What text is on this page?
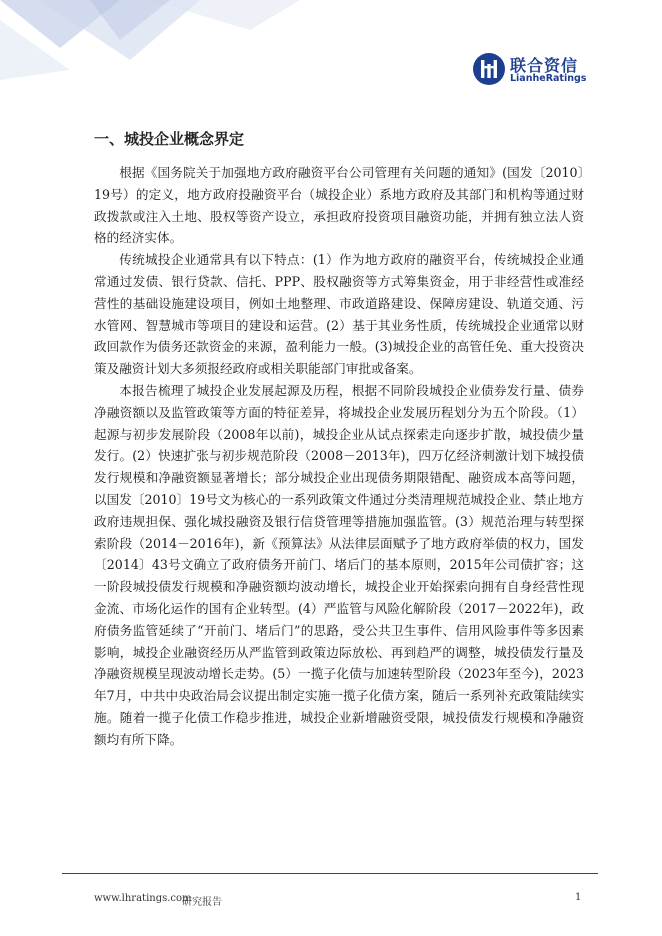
联合资信
LianheRatings
一、城投企业概念界定

根据《国务院关于加强地方政府融资平台公司管理有关问题的通知》(国发〔2010〕19号）的定义，地方政府投融资平台（城投企业）系地方政府及其部门和机构等通过财政拨款或注入土地、股权等资产设立，承担政府投资项目融资功能，并拥有独立法人资格的经济实体。

传统城投企业通常具有以下特点：(1）作为地方政府的融资平台，传统城投企业通常通过发债、银行贷款、信托、PPP、股权融资等方式筹集资金，用于非经营性或准经营性的基础设施建设项目，例如土地整理、市政道路建设、保障房建设、轨道交通、污水管网、智慧城市等项目的建设和运营。(2）基于其业务性质，传统城投企业通常以财政回款作为债务还款资金的来源，盈利能力一般。(3)城投企业的高管任免、重大投资决策及融资计划大多须报经政府或相关职能部门审批或备案。

本报告梳理了城投企业发展起源及历程，根据不同阶段城投企业债券发行量、债券净融资额以及监管政策等方面的特征差异，将城投企业发展历程划分为五个阶段。（1）起源与初步发展阶段（2008年以前)，城投企业从试点探索走向逐步扩散，城投债少量发行。(2）快速扩张与初步规范阶段（2008－2013年)，四万亿经济刺激计划下城投债发行规模和净融资额显著增长；部分城投企业出现债务期限错配、融资成本高等问题，以国发〔2010〕19号文为核心的一系列政策文件通过分类清理规范城投企业、禁止地方政府违规担保、强化城投融资及银行信贷管理等措施加强监管。(3）规范治理与转型探索阶段（2014－2016年)，新《预算法》从法律层面赋予了地方政府举债的权力，国发〔2014〕43号文确立了政府债务开前门、堵后门的基本原则，2015年公司债扩容；这一阶段城投债发行规模和净融资额均波动增长，城投企业开始探索向拥有自身经营性现金流、市场化运作的国有企业转型。(4）严监管与风险化解阶段（2017－2022年)，政府债务监管延续了“开前门、堵后门”的思路，受公共卫生事件、信用风险事件等多因素影响，城投企业融资经历从严监管到政策边际放松、再到趋严的调整，城投债发行量及净融资规模呈现波动增长走势。(5）一揽子化债与加速转型阶段（2023年至今)，2023年7月，中共中央政治局会议提出制定实施一揽子化债方案，随后一系列补充政策陆续实施。随着一揽子化债工作稳步推进，城投企业新增融资受限，城投债发行规模和净融资额均有所下降。

www.lhratings.com
研究报告	1
